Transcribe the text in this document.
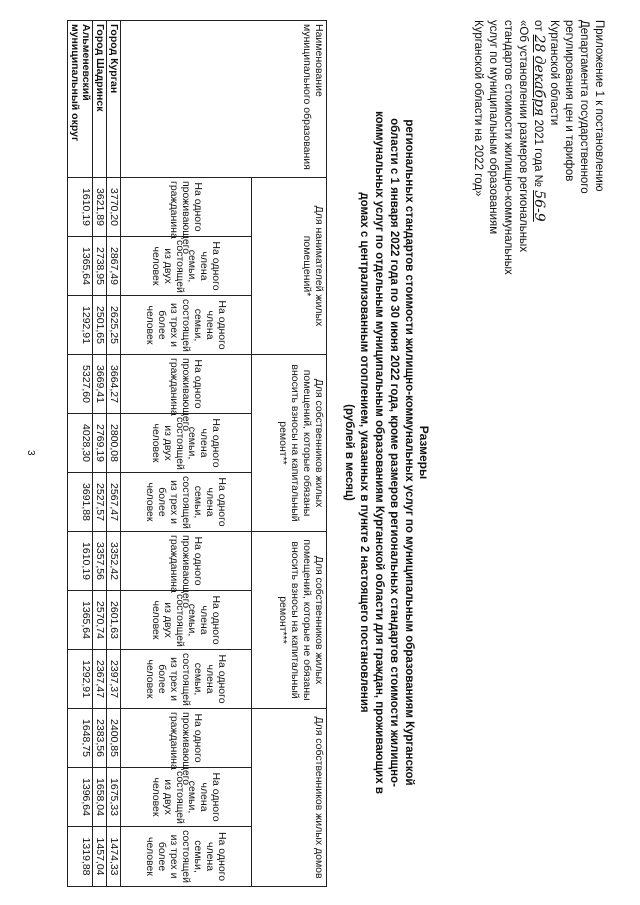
3
Приложение 1 к постановлению
Департамента государственного
регулирования цен и тарифов
Курганской области
от 28 декабря 2021 года № 56-9
«Об установлении размеров региональных
стандартов стоимости жилищно-коммунальных
услуг по муниципальным образованиям
Курганской области на 2022 год»
Размеры
региональных стандартов стоимости жилищно-коммунальных услуг по муниципальным образованиям Курганской
области с 1 января 2022 года по 30 июня 2022 года, кроме размеров региональных стандартов стоимости жилищно-
коммунальных услуг по отдельным муниципальным образованиям Курганской области для граждан, проживающих в
домах с централизованным отоплением, указанных в пункте 2 настоящего постановления
(рублей в месяц)
Наименование муниципального образования	Для нанимателей жилых помещений*			Для собственников жилых помещений, которые обязаны вносить взносы на капитальный ремонт**			Для собственников жилых помещений, которые не обязаны вносить взносы на капитальный ремонт***			Для собственников жилых домов		
	На одного проживающего гражданина	На одного члена семьи, состоящей из двух человек	На одного члена семьи, состоящей из трех и более человек	На одного проживающего гражданина	На одного члена семьи, состоящей из двух человек	На одного члена семьи, состоящей из трех и более человек	На одного проживающего гражданина	На одного члена семьи, состоящей из двух человек	На одного члена семьи, состоящей из трех и более человек	На одного проживающего гражданина	На одного члена семьи, состоящей из двух человек	На одного члена семьи, состоящей из трех и более человек
Город Курган	3770,20	2867,49	2625,25	3664,27	2800,08	2567,47	3352,42	2601,63	2397,37	2400,85	1675,33	1474,33
Город Шадринск	3621,89	2738,95	2501,65	3669,41	2769,19	2527,57	3357,56	2570,74	2367,47	2383,56	1658,04	1457,04
Альменевский муниципальный округ	1610,19	1365,64	1292,91	5327,60	4028,30	3691,88	1610,19	1365,64	1292,91	1648,75	1396,64	1319,88
